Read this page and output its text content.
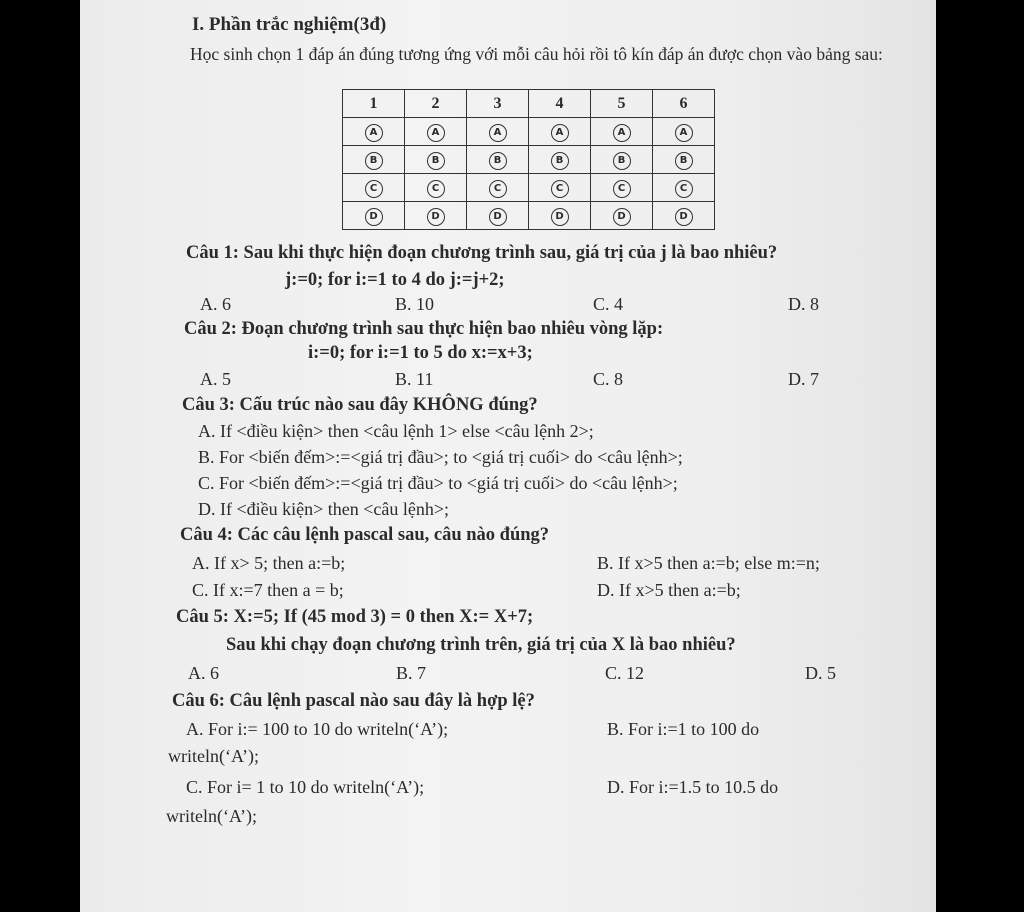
I. Phần trắc nghiệm(3đ)
Học sinh chọn 1 đáp án đúng tương ứng với mỗi câu hỏi rồi tô kín đáp án được chọn vào bảng sau:
1	2	3	4	5	6
A	A	A	A	A	A
B	B	B	B	B	B
C	C	C	C	C	C
D	D	D	D	D	D
Câu 1: Sau khi thực hiện đoạn chương trình sau, giá trị của j là bao nhiêu?
j:=0; for i:=1 to 4 do j:=j+2;
A. 6	B. 10	C. 4	D. 8
Câu 2: Đoạn chương trình sau thực hiện bao nhiêu vòng lặp:
i:=0; for i:=1 to 5 do x:=x+3;
A. 5	B. 11	C. 8	D. 7
Câu 3: Cấu trúc nào sau đây KHÔNG đúng?
A. If <điều kiện> then <câu lệnh 1> else <câu lệnh 2>;
B. For <biến đếm>:=<giá trị đầu>; to <giá trị cuối> do <câu lệnh>;
C. For <biến đếm>:=<giá trị đầu> to <giá trị cuối> do <câu lệnh>;
D. If <điều kiện> then <câu lệnh>;
Câu 4: Các câu lệnh pascal sau, câu nào đúng?
A. If x> 5; then a:=b;	B. If x>5 then a:=b; else m:=n;
C. If x:=7 then a = b;	D. If x>5 then a:=b;
Câu 5: X:=5; If (45 mod 3) = 0 then X:= X+7;
Sau khi chạy đoạn chương trình trên, giá trị của X là bao nhiêu?
A. 6	B. 7	C. 12	D. 5
Câu 6: Câu lệnh pascal nào sau đây là hợp lệ?
A. For i:= 100 to 10 do writeln(‘A’);	B. For i:=1 to 100 do
writeln(‘A’);
C. For i= 1 to 10 do writeln(‘A’);	D. For i:=1.5 to 10.5 do
writeln(‘A’);
